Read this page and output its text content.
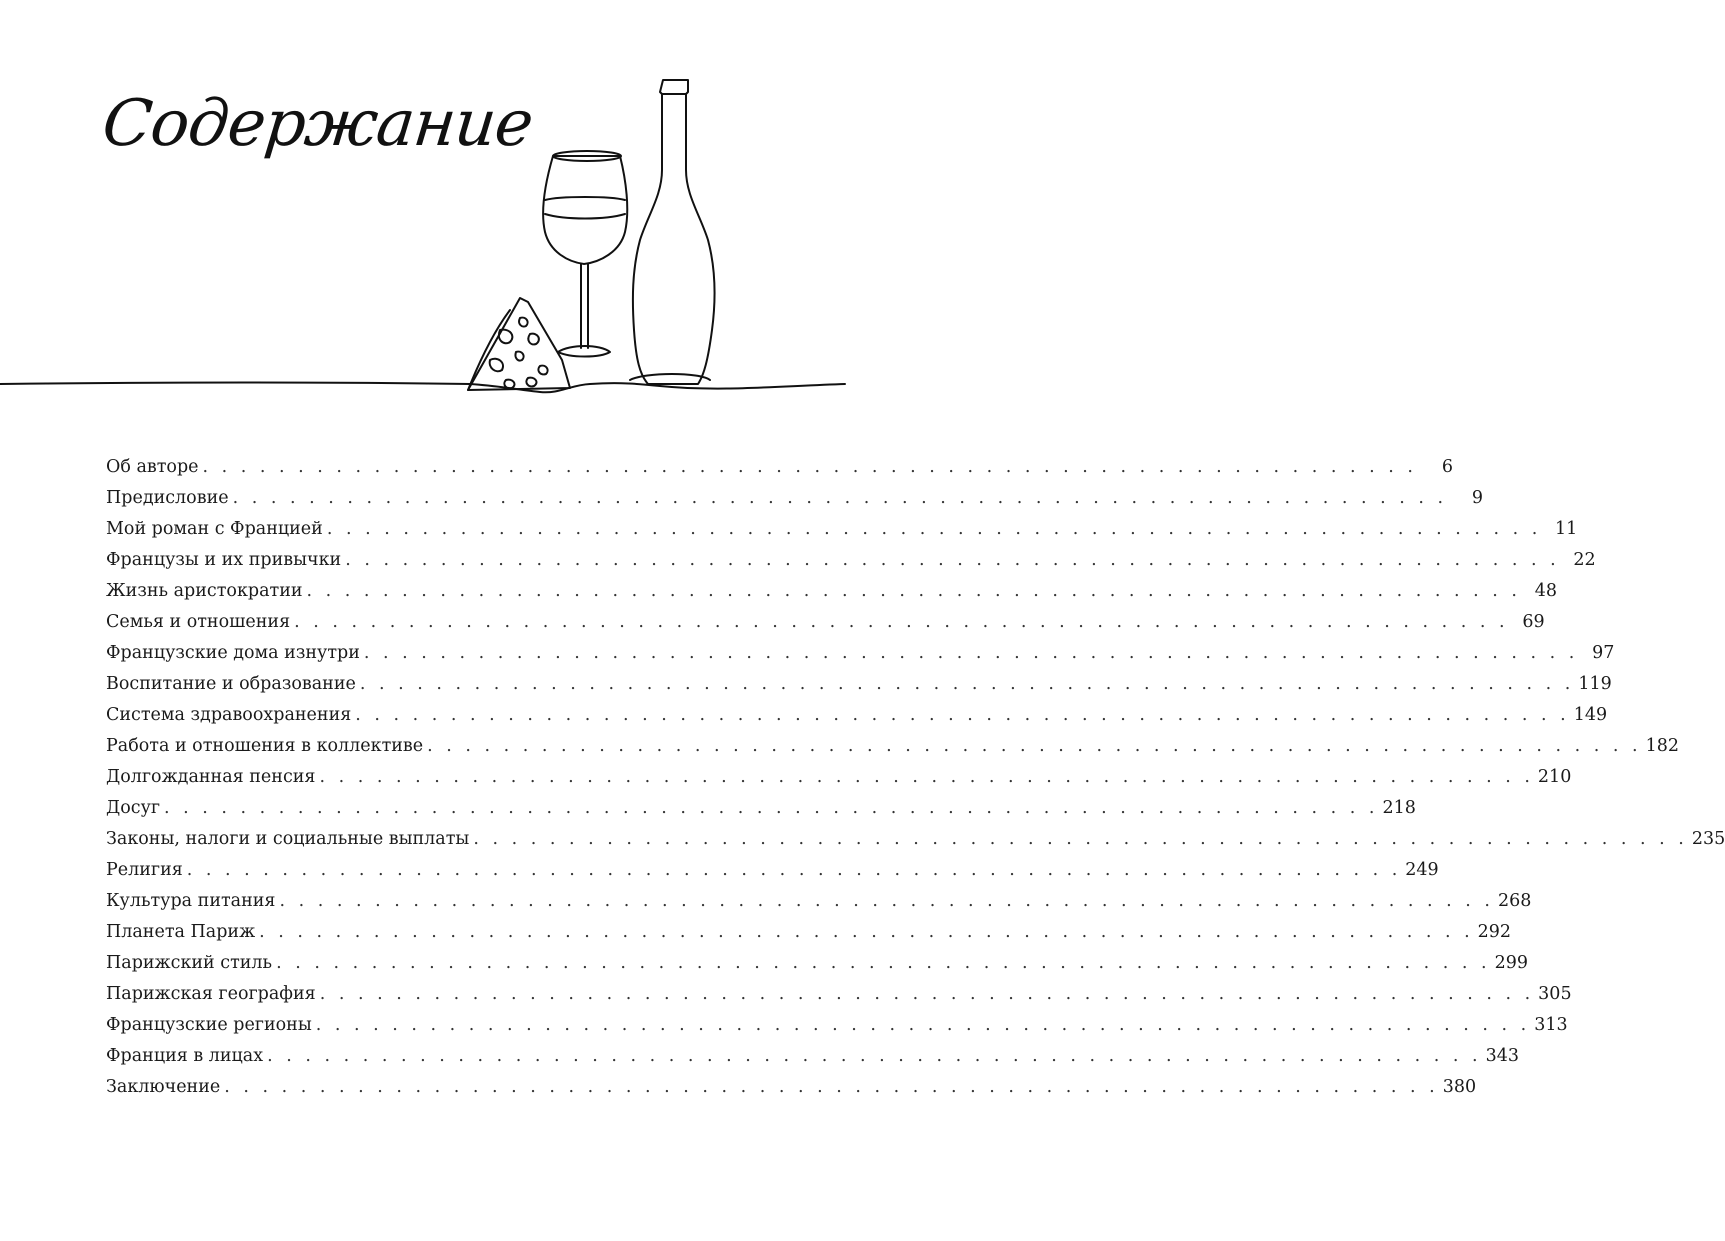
Содержание
Об авторе . . . . . . . . . . . . . . . . . . . . . . . . . . . . . . . . . . . . . . . . . . . . . . . . . . . . . . . . . . . . . . . .	6
Предисловие . . . . . . . . . . . . . . . . . . . . . . . . . . . . . . . . . . . . . . . . . . . . . . . . . . . . . . . . . . . . . . . .	9
Мой роман с Францией . . . . . . . . . . . . . . . . . . . . . . . . . . . . . . . . . . . . . . . . . . . . . . . . . . . . . . . . . . . . . . . . 11
Французы и их привычки . . . . . . . . . . . . . . . . . . . . . . . . . . . . . . . . . . . . . . . . . . . . . . . . . . . . . . . . . . . . . . . . 22
Жизнь аристократии . . . . . . . . . . . . . . . . . . . . . . . . . . . . . . . . . . . . . . . . . . . . . . . . . . . . . . . . . . . . . . . . 48
Семья и отношения . . . . . . . . . . . . . . . . . . . . . . . . . . . . . . . . . . . . . . . . . . . . . . . . . . . . . . . . . . . . . . . . 69
Французские дома изнутри . . . . . . . . . . . . . . . . . . . . . . . . . . . . . . . . . . . . . . . . . . . . . . . . . . . . . . . . . . . . . . . . 97
Воспитание и образование . . . . . . . . . . . . . . . . . . . . . . . . . . . . . . . . . . . . . . . . . . . . . . . . . . . . . . . . . . . . . . . . 119
Система здравоохранения . . . . . . . . . . . . . . . . . . . . . . . . . . . . . . . . . . . . . . . . . . . . . . . . . . . . . . . . . . . . . . . . 149
Работа и отношения в коллективе . . . . . . . . . . . . . . . . . . . . . . . . . . . . . . . . . . . . . . . . . . . . . . . . . . . . . . . . . . . . . . . . 182
Долгожданная пенсия . . . . . . . . . . . . . . . . . . . . . . . . . . . . . . . . . . . . . . . . . . . . . . . . . . . . . . . . . . . . . . . . 210
Досуг . . . . . . . . . . . . . . . . . . . . . . . . . . . . . . . . . . . . . . . . . . . . . . . . . . . . . . . . . . . . . . . . 218
Законы, налоги и социальные выплаты . . . . . . . . . . . . . . . . . . . . . . . . . . . . . . . . . . . . . . . . . . . . . . . . . . . . . . . . . . . . . . . . 235
Религия . . . . . . . . . . . . . . . . . . . . . . . . . . . . . . . . . . . . . . . . . . . . . . . . . . . . . . . . . . . . . . . . 249
Культура питания . . . . . . . . . . . . . . . . . . . . . . . . . . . . . . . . . . . . . . . . . . . . . . . . . . . . . . . . . . . . . . . . 268
Планета Париж . . . . . . . . . . . . . . . . . . . . . . . . . . . . . . . . . . . . . . . . . . . . . . . . . . . . . . . . . . . . . . . . 292
Парижский стиль . . . . . . . . . . . . . . . . . . . . . . . . . . . . . . . . . . . . . . . . . . . . . . . . . . . . . . . . . . . . . . . . 299
Парижская география . . . . . . . . . . . . . . . . . . . . . . . . . . . . . . . . . . . . . . . . . . . . . . . . . . . . . . . . . . . . . . . . 305
Французские регионы . . . . . . . . . . . . . . . . . . . . . . . . . . . . . . . . . . . . . . . . . . . . . . . . . . . . . . . . . . . . . . . . 313
Франция в лицах . . . . . . . . . . . . . . . . . . . . . . . . . . . . . . . . . . . . . . . . . . . . . . . . . . . . . . . . . . . . . . . . 343
Заключение . . . . . . . . . . . . . . . . . . . . . . . . . . . . . . . . . . . . . . . . . . . . . . . . . . . . . . . . . . . . . . . . 380
